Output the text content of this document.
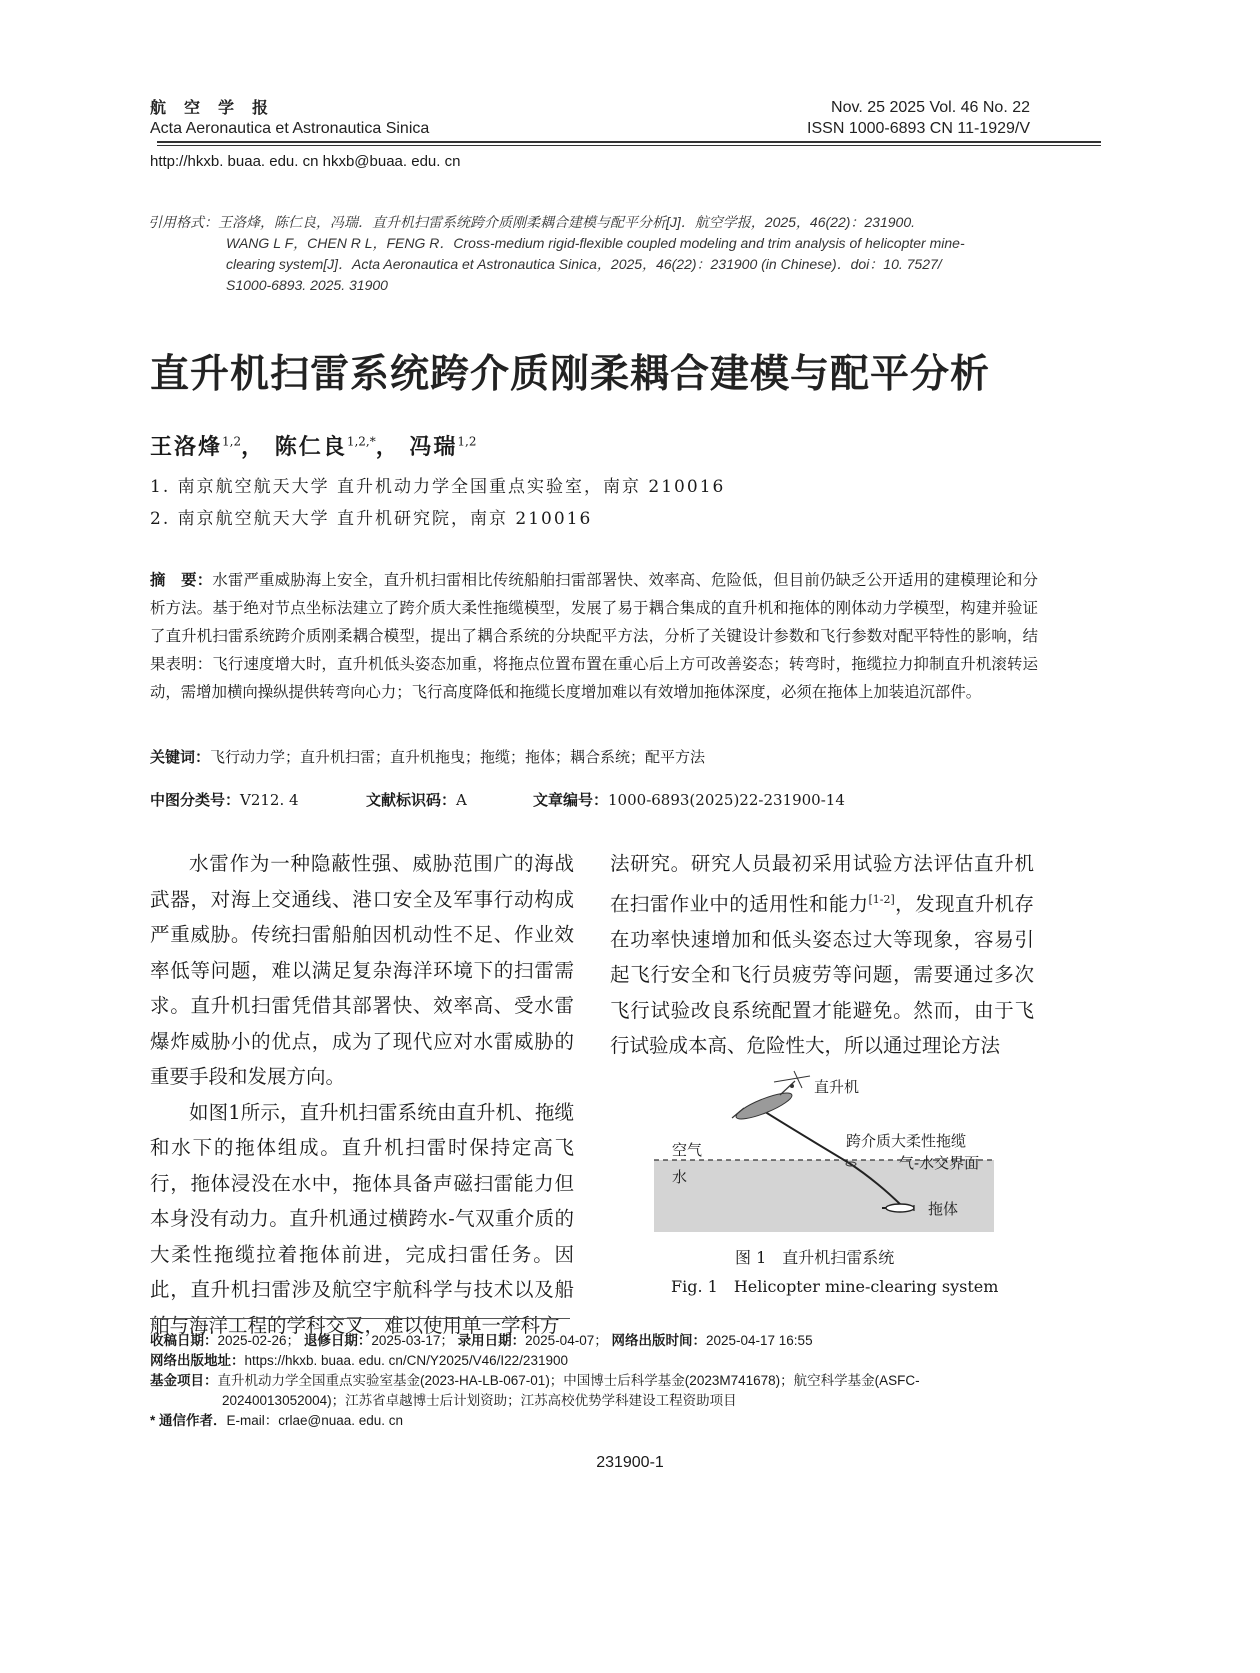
航　空　学　报
Acta Aeronautica et Astronautica Sinica
Nov. 25 2025 Vol. 46 No. 22
ISSN 1000-6893 CN 11-1929/V
http://hkxb. buaa. edu. cn hkxb@buaa. edu. cn
引用格式：王洛烽，陈仁良，冯瑞．直升机扫雷系统跨介质刚柔耦合建模与配平分析[J]．航空学报，2025，46(22)：231900.
WANG L F，CHEN R L，FENG R．Cross-medium rigid-flexible coupled modeling and trim analysis of helicopter mine-
clearing system[J]．Acta Aeronautica et Astronautica Sinica，2025，46(22)：231900 (in Chinese)．doi：10. 7527/
S1000-6893. 2025. 31900
直升机扫雷系统跨介质刚柔耦合建模与配平分析
王洛烽$^{1,2}$， 陈仁良$^{1,2,*}$， 冯瑞$^{1,2}$
1. 南京航空航天大学 直升机动力学全国重点实验室，南京 210016
2. 南京航空航天大学 直升机研究院，南京 210016
摘　要：水雷严重威胁海上安全，直升机扫雷相比传统船舶扫雷部署快、效率高、危险低，但目前仍缺乏公开适用的建模理论和分析方法。基于绝对节点坐标法建立了跨介质大柔性拖缆模型，发展了易于耦合集成的直升机和拖体的刚体动力学模型，构建并验证了直升机扫雷系统跨介质刚柔耦合模型，提出了耦合系统的分块配平方法，分析了关键设计参数和飞行参数对配平特性的影响，结果表明：飞行速度增大时，直升机低头姿态加重，将拖点位置布置在重心后上方可改善姿态；转弯时，拖缆拉力抑制直升机滚转运动，需增加横向操纵提供转弯向心力；飞行高度降低和拖缆长度增加难以有效增加拖体深度，必须在拖体上加装追沉部件。
关键词：飞行动力学；直升机扫雷；直升机拖曳；拖缆；拖体；耦合系统；配平方法
中图分类号：V212. 4	文献标识码：A	文章编号：1000-6893(2025)22-231900-14

水雷作为一种隐蔽性强、威胁范围广的海战武器，对海上交通线、港口安全及军事行动构成严重威胁。传统扫雷船舶因机动性不足、作业效率低等问题，难以满足复杂海洋环境下的扫雷需求。直升机扫雷凭借其部署快、效率高、受水雷爆炸威胁小的优点，成为了现代应对水雷威胁的重要手段和发展方向。

如图1所示，直升机扫雷系统由直升机、拖缆和水下的拖体组成。直升机扫雷时保持定高飞行，拖体浸没在水中，拖体具备声磁扫雷能力但本身没有动力。直升机通过横跨水-气双重介质的大柔性拖缆拉着拖体前进，完成扫雷任务。因此，直升机扫雷涉及航空宇航科学与技术以及船舶与海洋工程的学科交叉，难以使用单一学科方

法研究。研究人员最初采用试验方法评估直升机在扫雷作业中的适用性和能力[1-2]，发现直升机存在功率快速增加和低头姿态过大等现象，容易引起飞行安全和飞行员疲劳等问题，需要通过多次飞行试验改良系统配置才能避免。然而，由于飞行试验成本高、危险性大，所以通过理论方法

直升机
跨介质大柔性拖缆
空气
水
气-水交界面
拖体
图 1　直升机扫雷系统
Fig. 1　Helicopter mine-clearing system
收稿日期：2025-02-26； 退修日期：2025-03-17； 录用日期：2025-04-07； 网络出版时间：2025-04-17 16:55
网络出版地址：https://hkxb. buaa. edu. cn/CN/Y2025/V46/I22/231900
基金项目：直升机动力学全国重点实验室基金(2023-HA-LB-067-01)；中国博士后科学基金(2023M741678)；航空科学基金(ASFC-
20240013052004)；江苏省卓越博士后计划资助；江苏高校优势学科建设工程资助项目
* 通信作者．E-mail：crlae@nuaa. edu. cn
231900-1
